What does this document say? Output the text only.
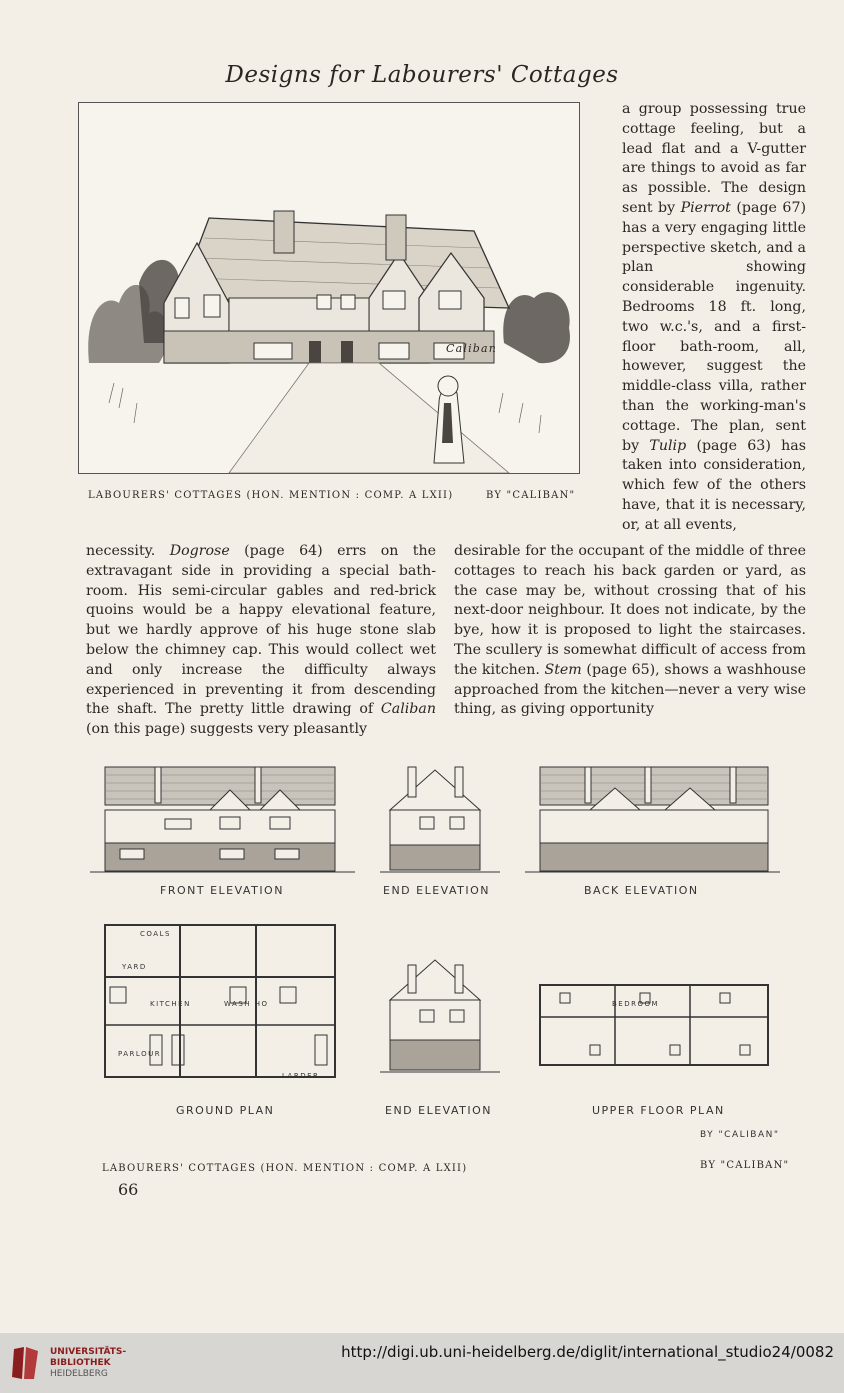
Designs for Labourers' Cottages
Caliban
LABOURERS' COTTAGES (HON. MENTION : COMP. A LXII)	BY "CALIBAN"

a group possessing true cottage feeling, but a lead flat and a V-gutter are things to avoid as far as possible. The design sent by Pierrot (page 67) has a very engaging little perspective sketch, and a plan showing considerable ingenuity. Bedrooms 18 ft. long, two w.c.'s, and a first-floor bath-room, all, however, suggest the middle-class villa, rather than the working-man's cottage. The plan, sent by Tulip (page 63) has taken into consideration, which few of the others have, that it is necessary, or, at all events,

necessity. Dogrose (page 64) errs on the extravagant side in providing a special bath-room. His semi-circular gables and red-brick quoins would be a happy elevational feature, but we hardly approve of his huge stone slab below the chimney cap. This would collect wet and only increase the difficulty always experienced in preventing it from descending the shaft. The pretty little drawing of Caliban (on this page) suggests very pleasantly

desirable for the occupant of the middle of three cottages to reach his back garden or yard, as the case may be, without crossing that of his next-door neighbour. It does not indicate, by the bye, how it is proposed to light the staircases. The scullery is somewhat difficult of access from the kitchen. Stem (page 65), shows a washhouse approached from the kitchen—never a very wise thing, as giving opportunity

COALS
YARD
KITCHEN	WASH HO
PARLOUR
LARDER
BEDROOM
FRONT ELEVATION	END ELEVATION	BACK ELEVATION
GROUND PLAN	END ELEVATION	UPPER FLOOR PLAN
BY "CALIBAN"
LABOURERS' COTTAGES (HON. MENTION : COMP. A LXII)	BY "CALIBAN"
66
UNIVERSITÄTS-
BIBLIOTHEK
HEIDELBERG
http://digi.ub.uni-heidelberg.de/diglit/international_studio24/0082
